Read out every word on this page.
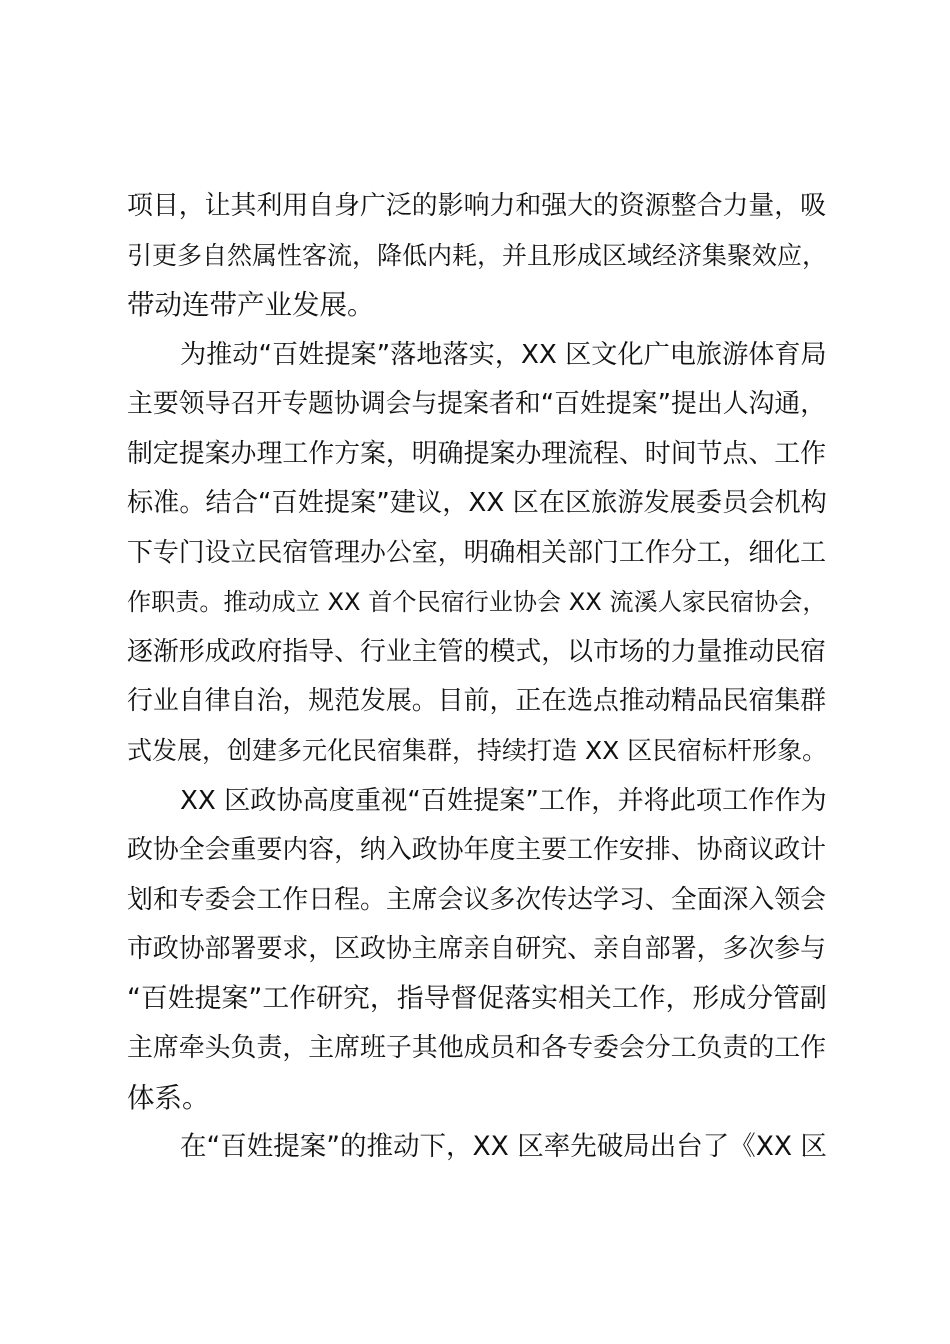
项目，让其利用自身广泛的影响力和强大的资源整合力量，吸
引更多自然属性客流，降低内耗，并且形成区域经济集聚效应，
带动连带产业发展。
为推动“百姓提案”落地落实，XX 区文化广电旅游体育局
主要领导召开专题协调会与提案者和“百姓提案”提出人沟通，
制定提案办理工作方案，明确提案办理流程、时间节点、工作
标准。结合“百姓提案”建议，XX 区在区旅游发展委员会机构
下专门设立民宿管理办公室，明确相关部门工作分工，细化工
作职责。推动成立 XX 首个民宿行业协会 XX 流溪人家民宿协会，
逐渐形成政府指导、行业主管的模式，以市场的力量推动民宿
行业自律自治，规范发展。目前，正在选点推动精品民宿集群
式发展，创建多元化民宿集群，持续打造 XX 区民宿标杆形象。
XX 区政协高度重视“百姓提案”工作，并将此项工作作为
政协全会重要内容，纳入政协年度主要工作安排、协商议政计
划和专委会工作日程。主席会议多次传达学习、全面深入领会
市政协部署要求，区政协主席亲自研究、亲自部署，多次参与
“百姓提案”工作研究，指导督促落实相关工作，形成分管副
主席牵头负责，主席班子其他成员和各专委会分工负责的工作
体系。
在“百姓提案”的推动下，XX 区率先破局出台了《XX 区
